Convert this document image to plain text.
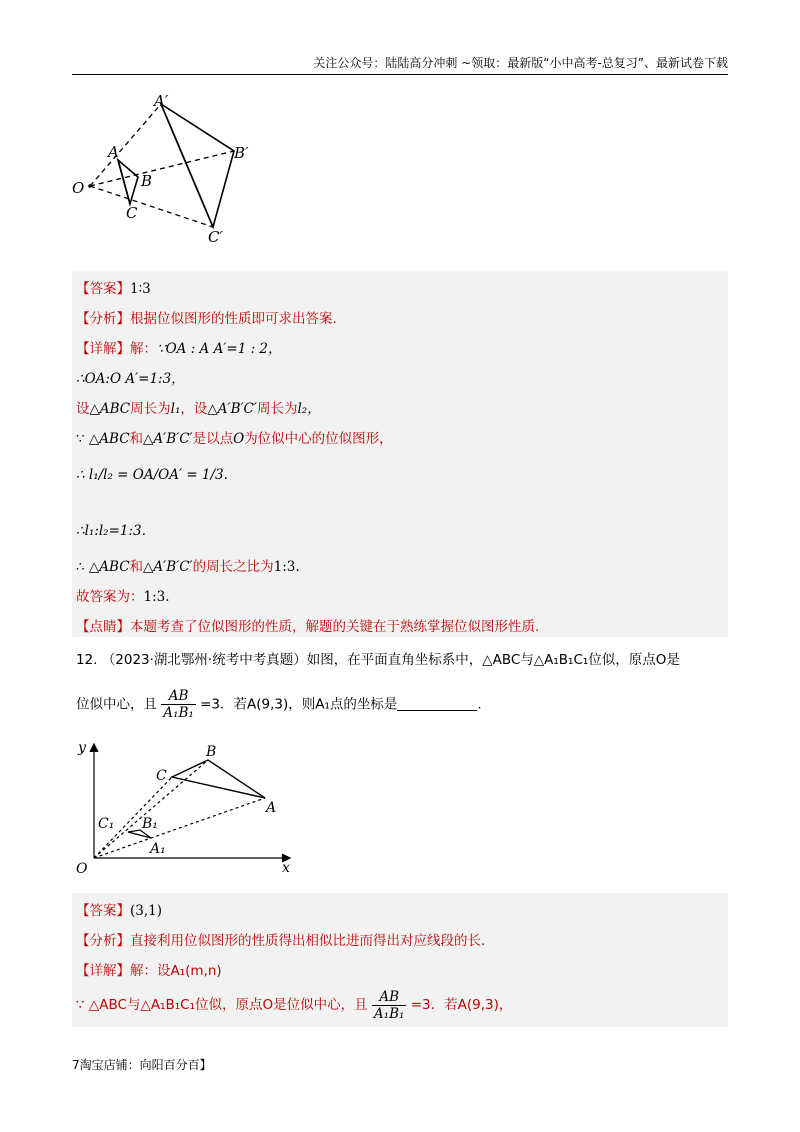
关注公众号：陆陆高分冲刺 ~领取：最新版“小中高考-总复习”、最新试卷下载
O
A
B
C
A′
B′
C′
【答案】1∶3
【分析】根据位似图形的性质即可求出答案.
【详解】解：∵OA : A A′=1 : 2，
∴OA:O A′=1:3，
设△ABC周长为l₁，设△A′B′C′周长为l₂，
∵ △ABC和△A′B′C′是以点O为位似中心的位似图形，
∴ l₁/l₂ = OA/OA′ = 1/3.
∴l₁:l₂=1:3.
∴ △ABC和△A′B′C′的周长之比为1:3.
故答案为：1:3.
【点睛】本题考查了位似图形的性质，解题的关键在于熟练掌握位似图形性质.
12. （2023·湖北鄂州·统考中考真题）如图，在平面直角坐标系中，△ABC与△A₁B₁C₁位似，原点O是
位似中心，且 $\frac{AB}{\text{A₁B₁}} =3$．若A(9,3)，则A₁点的坐标是	.
y
x
O
A
B
C
A₁
B₁
C₁
【答案】(3,1)
【分析】直接利用位似图形的性质得出相似比进而得出对应线段的长.
【详解】解：设A₁(m,n)
∵ △ABC与△A₁B₁C₁位似，原点O是位似中心，且 $\frac{AB}{\text{A₁B₁}} =3$．若A(9,3)，
7淘宝店铺：向阳百分百】
